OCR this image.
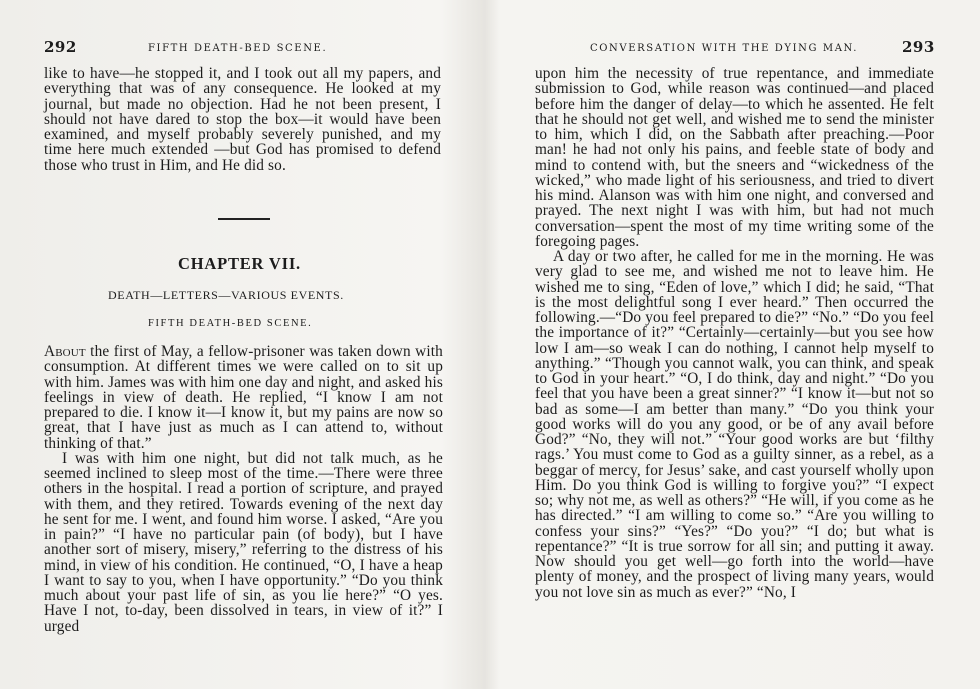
292	FIFTH DEATH-BED SCENE.
like to have—he stopped it, and I took out all my papers, and everything that was of any consequence. He looked at my journal, but made no objection. Had he not been present, I should not have dared to stop the box—it would have been examined, and myself probably severely punished, and my time here much extended —but God has promised to defend those who trust in Him, and He did so.
CHAPTER VII.
DEATH—LETTERS—VARIOUS EVENTS.
FIFTH DEATH-BED SCENE.

About the first of May, a fellow-prisoner was taken down with consumption. At different times we were called on to sit up with him. James was with him one day and night, and asked his feelings in view of death. He replied, “I know I am not prepared to die. I know it—I know it, but my pains are now so great, that I have just as much as I can attend to, without thinking of that.”

I was with him one night, but did not talk much, as he seemed inclined to sleep most of the time.—There were three others in the hospital. I read a portion of scripture, and prayed with them, and they retired. Towards evening of the next day he sent for me. I went, and found him worse. I asked, “Are you in pain?” “I have no particular pain (of body), but I have another sort of misery, misery,” referring to the distress of his mind, in view of his condition. He continued, “O, I have a heap I want to say to you, when I have opportunity.” “Do you think much about your past life of sin, as you lie here?” “O yes. Have I not, to-day, been dissolved in tears, in view of it?” I urged

CONVERSATION WITH THE DYING MAN.	293

upon him the necessity of true repentance, and immediate submission to God, while reason was continued—and placed before him the danger of delay—to which he assented. He felt that he should not get well, and wished me to send the minister to him, which I did, on the Sabbath after preaching.—Poor man! he had not only his pains, and feeble state of body and mind to contend with, but the sneers and “wickedness of the wicked,” who made light of his seriousness, and tried to divert his mind. Alanson was with him one night, and conversed and prayed. The next night I was with him, but had not much conversation—spent the most of my time writing some of the foregoing pages.

A day or two after, he called for me in the morning. He was very glad to see me, and wished me not to leave him. He wished me to sing, “Eden of love,” which I did; he said, “That is the most delightful song I ever heard.” Then occurred the following.—“Do you feel prepared to die?” “No.” “Do you feel the importance of it?” “Certainly—certainly—but you see how low I am—so weak I can do nothing, I cannot help myself to anything.” “Though you cannot walk, you can think, and speak to God in your heart.” “O, I do think, day and night.” “Do you feel that you have been a great sinner?” “I know it—but not so bad as some—I am better than many.” “Do you think your good works will do you any good, or be of any avail before God?” “No, they will not.” “Your good works are but ‘filthy rags.’ You must come to God as a guilty sinner, as a rebel, as a beggar of mercy, for Jesus’ sake, and cast yourself wholly upon Him. Do you think God is willing to forgive you?” “I expect so; why not me, as well as others?” “He will, if you come as he has directed.” “I am willing to come so.” “Are you willing to confess your sins?” “Yes?” “Do you?” “I do; but what is repentance?” “It is true sorrow for all sin; and putting it away. Now should you get well—go forth into the world—have plenty of money, and the prospect of living many years, would you not love sin as much as ever?” “No, I
